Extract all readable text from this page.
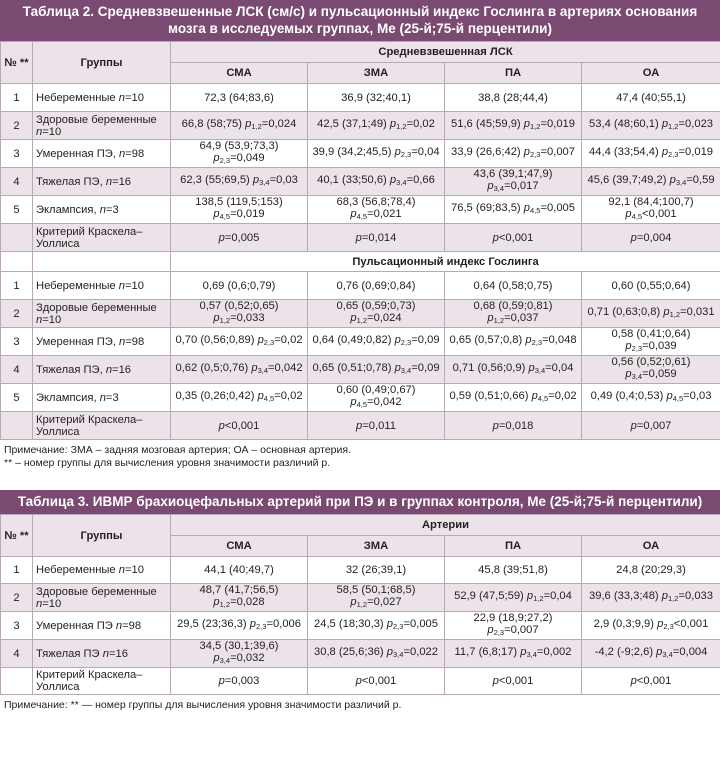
Таблица 2. Средневзвешенные ЛСК (см/с) и пульсационный индекс Гослинга в артериях основания
мозга в исследуемых группах, Ме (25-й;75-й перцентили)
№ **	Группы	Средневзвешенная ЛСК			
		СМА	ЗМА	ПА	ОА
1	Небеременные n=10	72,3 (64;83,6)	36,9 (32;40,1)	38,8 (28;44,4)	47,4 (40;55,1)
2	Здоровые беременные n=10	66,8 (58;75) $p_{1,2}=0,024$	42,5 (37,1;49) $p_{1,2}=0,02$	51,6 (45;59,9) $p_{1,2}=0,019$	53,4 (48;60,1) $p_{1,2}=0,023$
3	Умеренная ПЭ, n=98	64,9 (53,9;73,3) $p_{2,3}=0,049$	39,9 (34,2;45,5) $p_{2,3}=0,04$	33,9 (26,6;42) $p_{2,3}=0,007$	44,4 (33;54,4) $p_{2,3}=0,019$
4	Тяжелая ПЭ, n=16	62,3 (55;69,5) $p_{3,4}=0,03$	40,1 (33;50,6) $p_{3,4}=0,66$	43,6 (39,1;47,9) $p_{3,4}=0,017$	45,6 (39,7;49,2) $p_{3,4}=0,59$
5	Эклампсия, n=3	138,5 (119,5;153) $p_{4,5}=0,019$	68,3 (56,8;78,4) $p_{4,5}=0,021$	76,5 (69;83,5) $p_{4,5}=0,005$	92,1 (84,4;100,7) $p_{4,5}<0,001$
	Критерий Краскела–Уоллиса	p=0,005	p=0,014	p<0,001	p=0,004
		Пульсационный индекс Гослинга			
1	Небеременные n=10	0,69 (0,6;0,79)	0,76 (0,69;0,84)	0,64 (0,58;0,75)	0,60 (0,55;0,64)
2	Здоровые беременные n=10	0,57 (0,52;0,65) $p_{1,2}=0,033$	0,65 (0,59;0,73) $p_{1,2}=0,024$	0,68 (0,59;0,81) $p_{1,2}=0,037$	0,71 (0,63;0,8) $p_{1,2}=0,031$
3	Умеренная ПЭ, n=98	0,70 (0,56;0,89) $p_{2,3}=0,02$	0,64 (0,49;0,82) $p_{2,3}=0,09$	0,65 (0,57;0,8) $p_{2,3}=0,048$	0,58 (0,41;0,64) $p_{2,3}=0,039$
4	Тяжелая ПЭ, n=16	0,62 (0,5;0,76) $p_{3,4}=0,042$	0,65 (0,51;0,78) $p_{3,4}=0,09$	0,71 (0,56;0,9) $p_{3,4}=0,04$	0,56 (0,52;0,61) $p_{3,4}=0,059$
5	Эклампсия, n=3	0,35 (0,26;0,42) $p_{4,5}=0,02$	0,60 (0,49;0,67) $p_{4,5}=0,042$	0,59 (0,51;0,66) $p_{4,5}=0,02$	0,49 (0,4;0,53) $p_{4,5}=0,03$
	Критерий Краскела–Уоллиса	p<0,001	p=0,011	p=0,018	p=0,007
Примечание: ЗМА – задняя мозговая артерия; ОА – основная артерия.
** – номер группы для вычисления уровня значимости различий p.
Таблица 3. ИВМР брахиоцефальных артерий при ПЭ и в группах контроля, Ме (25-й;75-й перцентили)
№ **	Группы	Артерии			
		СМА	ЗМА	ПА	ОА
1	Небеременные n=10	44,1 (40;49,7)	32 (26;39,1)	45,8 (39;51,8)	24,8 (20;29,3)
2	Здоровые беременные n=10	48,7 (41,7;56,5) $p_{1,2}=0,028$	58,5 (50,1;68,5) $p_{1,2}=0,027$	52,9 (47,5;59) $p_{1,2}=0,04$	39,6 (33,3;48) $p_{1,2}=0,033$
3	Умеренная ПЭ n=98	29,5 (23;36,3) $p_{2,3}=0,006$	24,5 (18;30,3) $p_{2,3}=0,005$	22,9 (18,9;27,2) $p_{2,3}=0,007$	2,9 (0,3;9,9) $p_{2,3}<0,001$
4	Тяжелая ПЭ n=16	34,5 (30,1;39,6) $p_{3,4}=0,032$	30,8 (25,6;36) $p_{3,4}=0,022$	11,7 (6,8;17) $p_{3,4}=0,002$	-4,2 (-9;2,6) $p_{3,4}=0,004$
	Критерий Краскела–Уоллиса	p=0,003	p<0,001	p<0,001	p<0,001
Примечание: ** — номер группы для вычисления уровня значимости различий p.
